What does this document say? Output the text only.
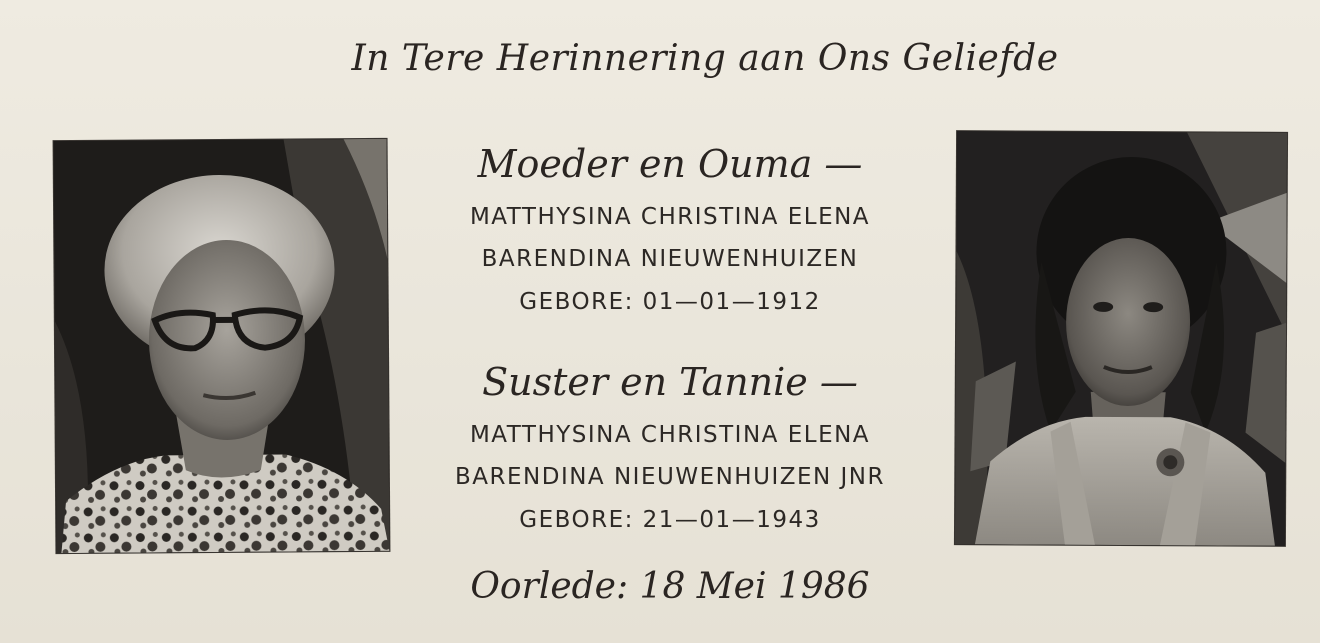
In Tere Herinnering aan Ons Geliefde
Moeder en Ouma —
MATTHYSINA CHRISTINA ELENA
BARENDINA NIEUWENHUIZEN
GEBORE: 01—01—1912
Suster en Tannie —
MATTHYSINA CHRISTINA ELENA
BARENDINA NIEUWENHUIZEN JNR
GEBORE: 21—01—1943
Oorlede: 18 Mei 1986
